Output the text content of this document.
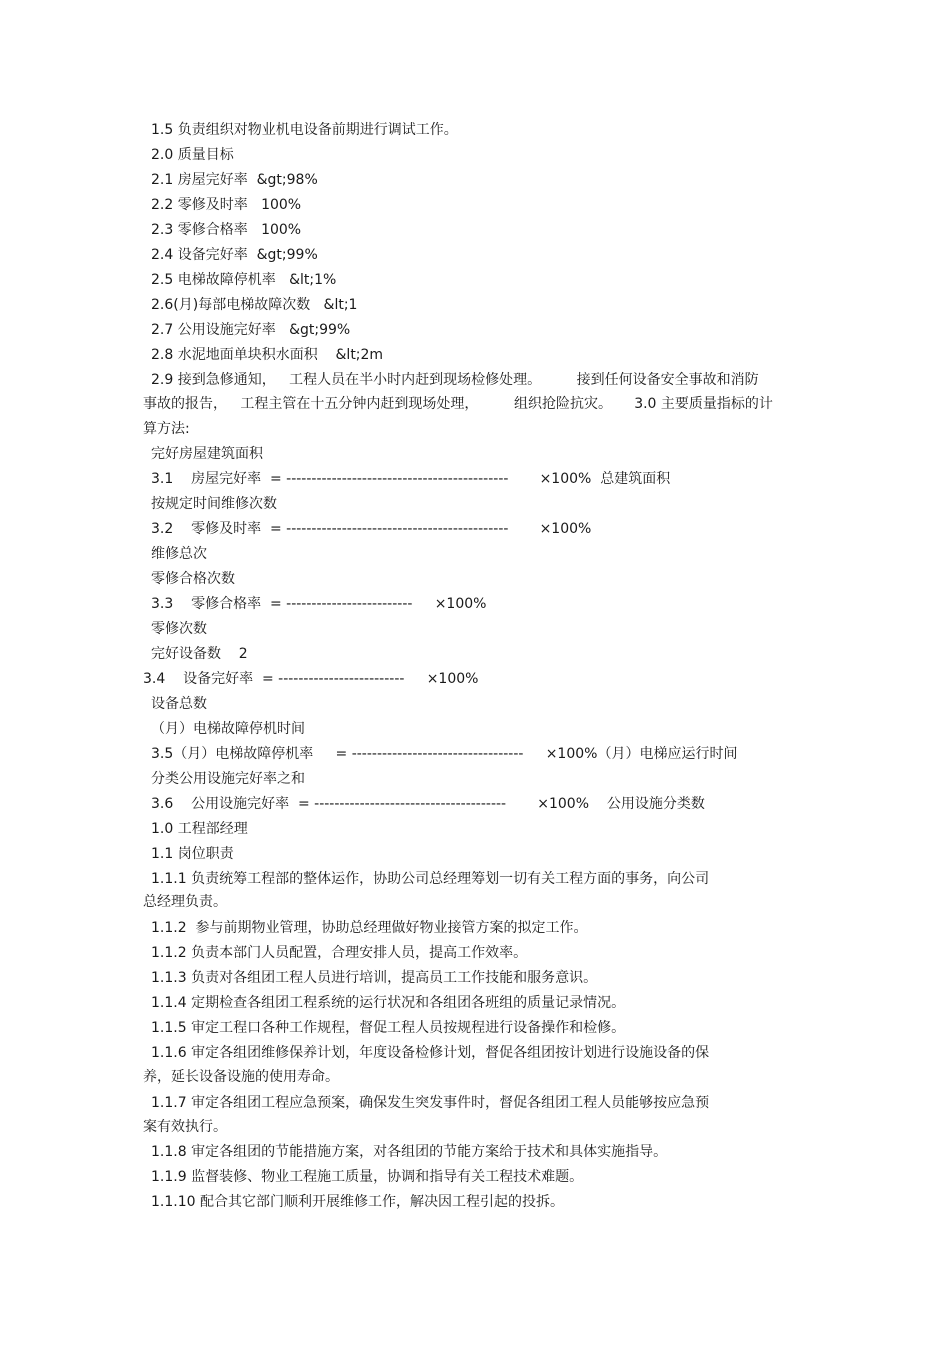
1.5 负责组织对物业机电设备前期进行调试工作。
2.0 质量目标
2.1 房屋完好率  &gt;98%
2.2 零修及时率   100%
2.3 零修合格率   100%
2.4 设备完好率  &gt;99%
2.5 电梯故障停机率   &lt;1%
2.6(月)每部电梯故障次数   &lt;1
2.7 公用设施完好率   &gt;99%
2.8 水泥地面单块积水面积    &lt;2m
2.9 接到急修通知，   工程人员在半小时内赶到现场检修处理。        接到任何设备安全事故和消防
事故的报告，   工程主管在十五分钟内赶到现场处理，        组织抢险抗灾。     3.0 主要质量指标的计
算方法:
完好房屋建筑面积
3.1    房屋完好率  = --------------------------------------------       ×100%  总建筑面积
按规定时间维修次数
3.2    零修及时率  = --------------------------------------------       ×100%
维修总次
零修合格次数
3.3    零修合格率  = -------------------------     ×100%
零修次数
完好设备数    2
3.4    设备完好率  = -------------------------     ×100%
设备总数
（月）电梯故障停机时间
3.5（月）电梯故障停机率     = ----------------------------------     ×100%（月）电梯应运行时间
分类公用设施完好率之和
3.6    公用设施完好率  = --------------------------------------       ×100%    公用设施分类数
1.0 工程部经理
1.1 岗位职责
1.1.1 负责统筹工程部的整体运作，协助公司总经理筹划一切有关工程方面的事务，向公司
总经理负责。
1.1.2  参与前期物业管理，协助总经理做好物业接管方案的拟定工作。
1.1.2 负责本部门人员配置，合理安排人员，提高工作效率。
1.1.3 负责对各组团工程人员进行培训，提高员工工作技能和服务意识。
1.1.4 定期检查各组团工程系统的运行状况和各组团各班组的质量记录情况。
1.1.5 审定工程口各种工作规程，督促工程人员按规程进行设备操作和检修。
1.1.6 审定各组团维修保养计划，年度设备检修计划，督促各组团按计划进行设施设备的保
养，延长设备设施的使用寿命。
1.1.7 审定各组团工程应急预案，确保发生突发事件时，督促各组团工程人员能够按应急预
案有效执行。
1.1.8 审定各组团的节能措施方案，对各组团的节能方案给于技术和具体实施指导。
1.1.9 监督装修、物业工程施工质量，协调和指导有关工程技术难题。
1.1.10 配合其它部门顺利开展维修工作，解决因工程引起的投拆。
